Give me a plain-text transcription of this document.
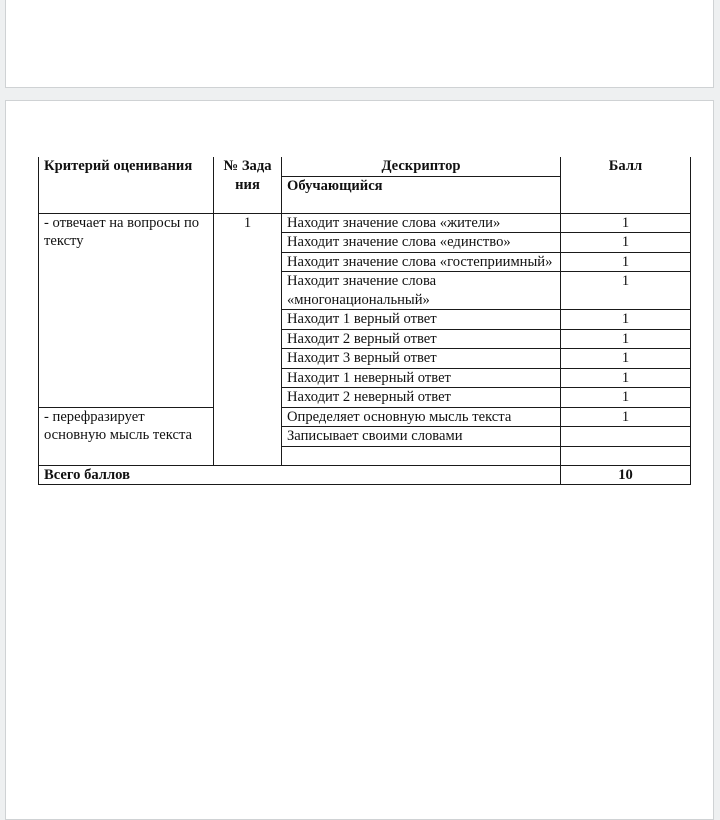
Критерий оценивания	№ Зада ния	Дескриптор	Балл
		Обучающийся	
- отвечает на вопросы по тексту	1	Находит значение слова «жители»	1
		Находит значение слова «единство»	1
		Находит значение слова «гостеприимный»	1
		Находит значение слова «многонациональный»	1
		Находит 1 верный ответ	1
		Находит 2 верный ответ	1
		Находит 3 верный ответ	1
		Находит 1 неверный ответ	1
		Находит 2 неверный ответ	1
- перефразирует основную мысль текста		Определяет основную мысль текста	1
		Записывает своими словами	

Всего баллов			10
